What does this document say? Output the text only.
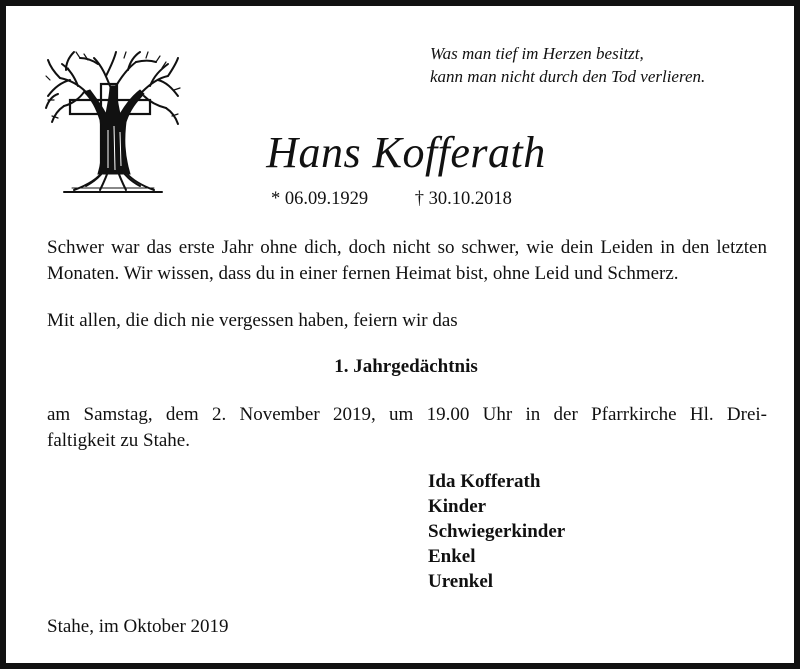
Was man tief im Herzen besitzt,
kann man nicht durch den Tod verlieren.
Hans Kofferath
* 06.09.1929	† 30.10.2018
Schwer war das erste Jahr ohne dich, doch nicht so schwer, wie dein Leiden in den letzten Monaten. Wir wissen, dass du in einer fernen Heimat bist, ohne Leid und Schmerz.
Mit allen, die dich nie vergessen haben, feiern wir das
1. Jahrgedächtnis
am Samstag, dem 2. November 2019, um 19.00 Uhr in der Pfarrkirche Hl. Drei-
faltigkeit zu Stahe.
Ida Kofferath
Kinder
Schwiegerkinder
Enkel
Urenkel
Stahe, im Oktober 2019
